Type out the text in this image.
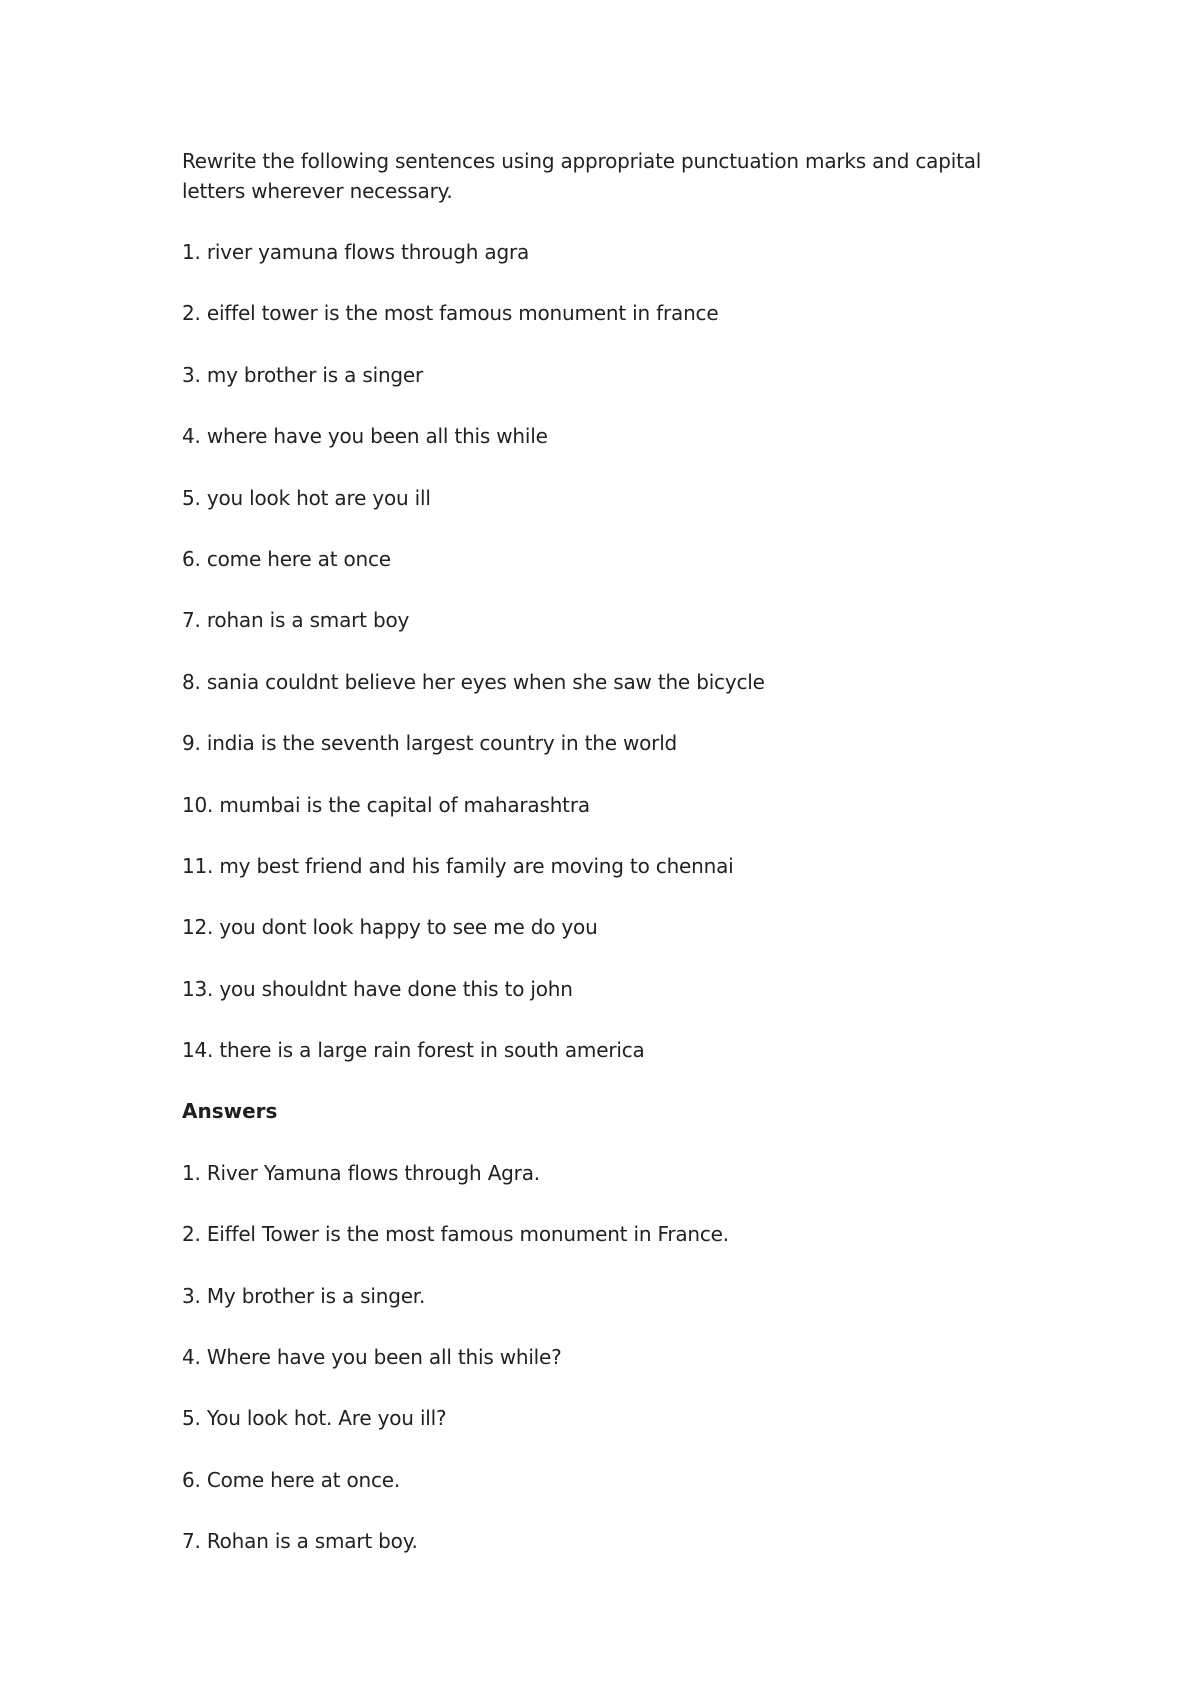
Rewrite the following sentences using appropriate punctuation marks and capital letters wherever necessary.

1. river yamuna flows through agra
2. eiffel tower is the most famous monument in france
3. my brother is a singer
4. where have you been all this while
5. you look hot are you ill
6. come here at once
7. rohan is a smart boy
8. sania couldnt believe her eyes when she saw the bicycle
9. india is the seventh largest country in the world
10. mumbai is the capital of maharashtra
11. my best friend and his family are moving to chennai
12. you dont look happy to see me do you
13. you shouldnt have done this to john
14. there is a large rain forest in south america
Answers
1. River Yamuna flows through Agra.
2. Eiffel Tower is the most famous monument in France.
3. My brother is a singer.
4. Where have you been all this while?
5. You look hot. Are you ill?
6. Come here at once.
7. Rohan is a smart boy.
